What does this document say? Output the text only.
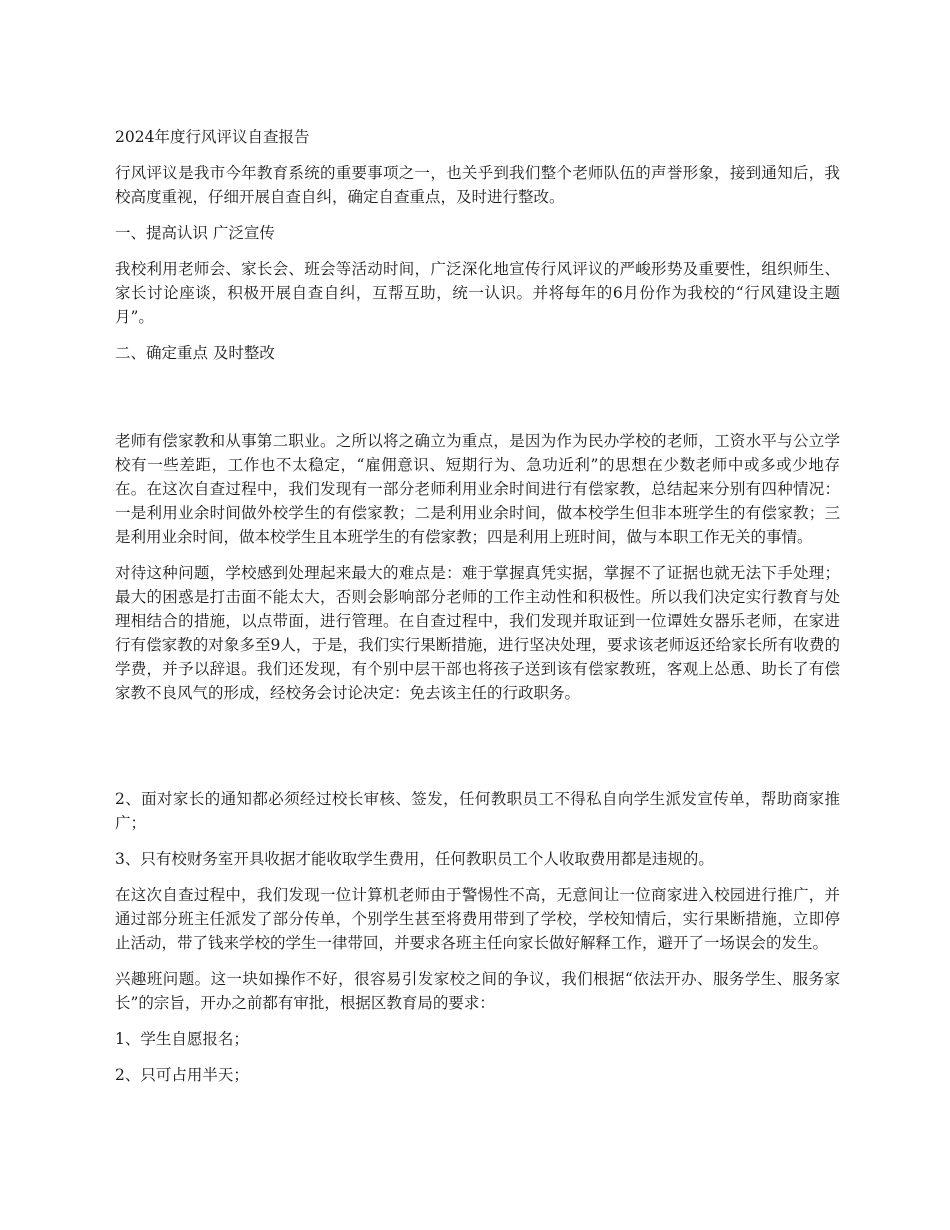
2024年度行风评议自查报告

行风评议是我市今年教育系统的重要事项之一，也关乎到我们整个老师队伍的声誉形象，接到通知后，我校高度重视，仔细开展自查自纠，确定自查重点，及时进行整改。

一、提高认识 广泛宣传

我校利用老师会、家长会、班会等活动时间，广泛深化地宣传行风评议的严峻形势及重要性，组织师生、家长讨论座谈，积极开展自查自纠，互帮互助，统一认识。并将每年的6月份作为我校的“行风建设主题月”。

二、确定重点 及时整改

老师有偿家教和从事第二职业。之所以将之确立为重点，是因为作为民办学校的老师，工资水平与公立学校有一些差距，工作也不太稳定，“雇佣意识、短期行为、急功近利”的思想在少数老师中或多或少地存在。在这次自查过程中，我们发现有一部分老师利用业余时间进行有偿家教，总结起来分别有四种情况：一是利用业余时间做外校学生的有偿家教；二是利用业余时间，做本校学生但非本班学生的有偿家教；三是利用业余时间，做本校学生且本班学生的有偿家教；四是利用上班时间，做与本职工作无关的事情。

对待这种问题，学校感到处理起来最大的难点是：难于掌握真凭实据，掌握不了证据也就无法下手处理；最大的困惑是打击面不能太大，否则会影响部分老师的工作主动性和积极性。所以我们决定实行教育与处理相结合的措施，以点带面，进行管理。在自查过程中，我们发现并取证到一位谭姓女器乐老师，在家进行有偿家教的对象多至9人，于是，我们实行果断措施，进行坚决处理，要求该老师返还给家长所有收费的学费，并予以辞退。我们还发现，有个别中层干部也将孩子送到该有偿家教班，客观上怂恿、助长了有偿家教不良风气的形成，经校务会讨论决定：免去该主任的行政职务。

2、面对家长的通知都必须经过校长审核、签发，任何教职员工不得私自向学生派发宣传单，帮助商家推广；

3、只有校财务室开具收据才能收取学生费用，任何教职员工个人收取费用都是违规的。

在这次自查过程中，我们发现一位计算机老师由于警惕性不高，无意间让一位商家进入校园进行推广，并通过部分班主任派发了部分传单，个别学生甚至将费用带到了学校，学校知情后，实行果断措施，立即停止活动，带了钱来学校的学生一律带回，并要求各班主任向家长做好解释工作，避开了一场误会的发生。

兴趣班问题。这一块如操作不好，很容易引发家校之间的争议，我们根据“依法开办、服务学生、服务家长”的宗旨，开办之前都有审批，根据区教育局的要求：

1、学生自愿报名；

2、只可占用半天；
